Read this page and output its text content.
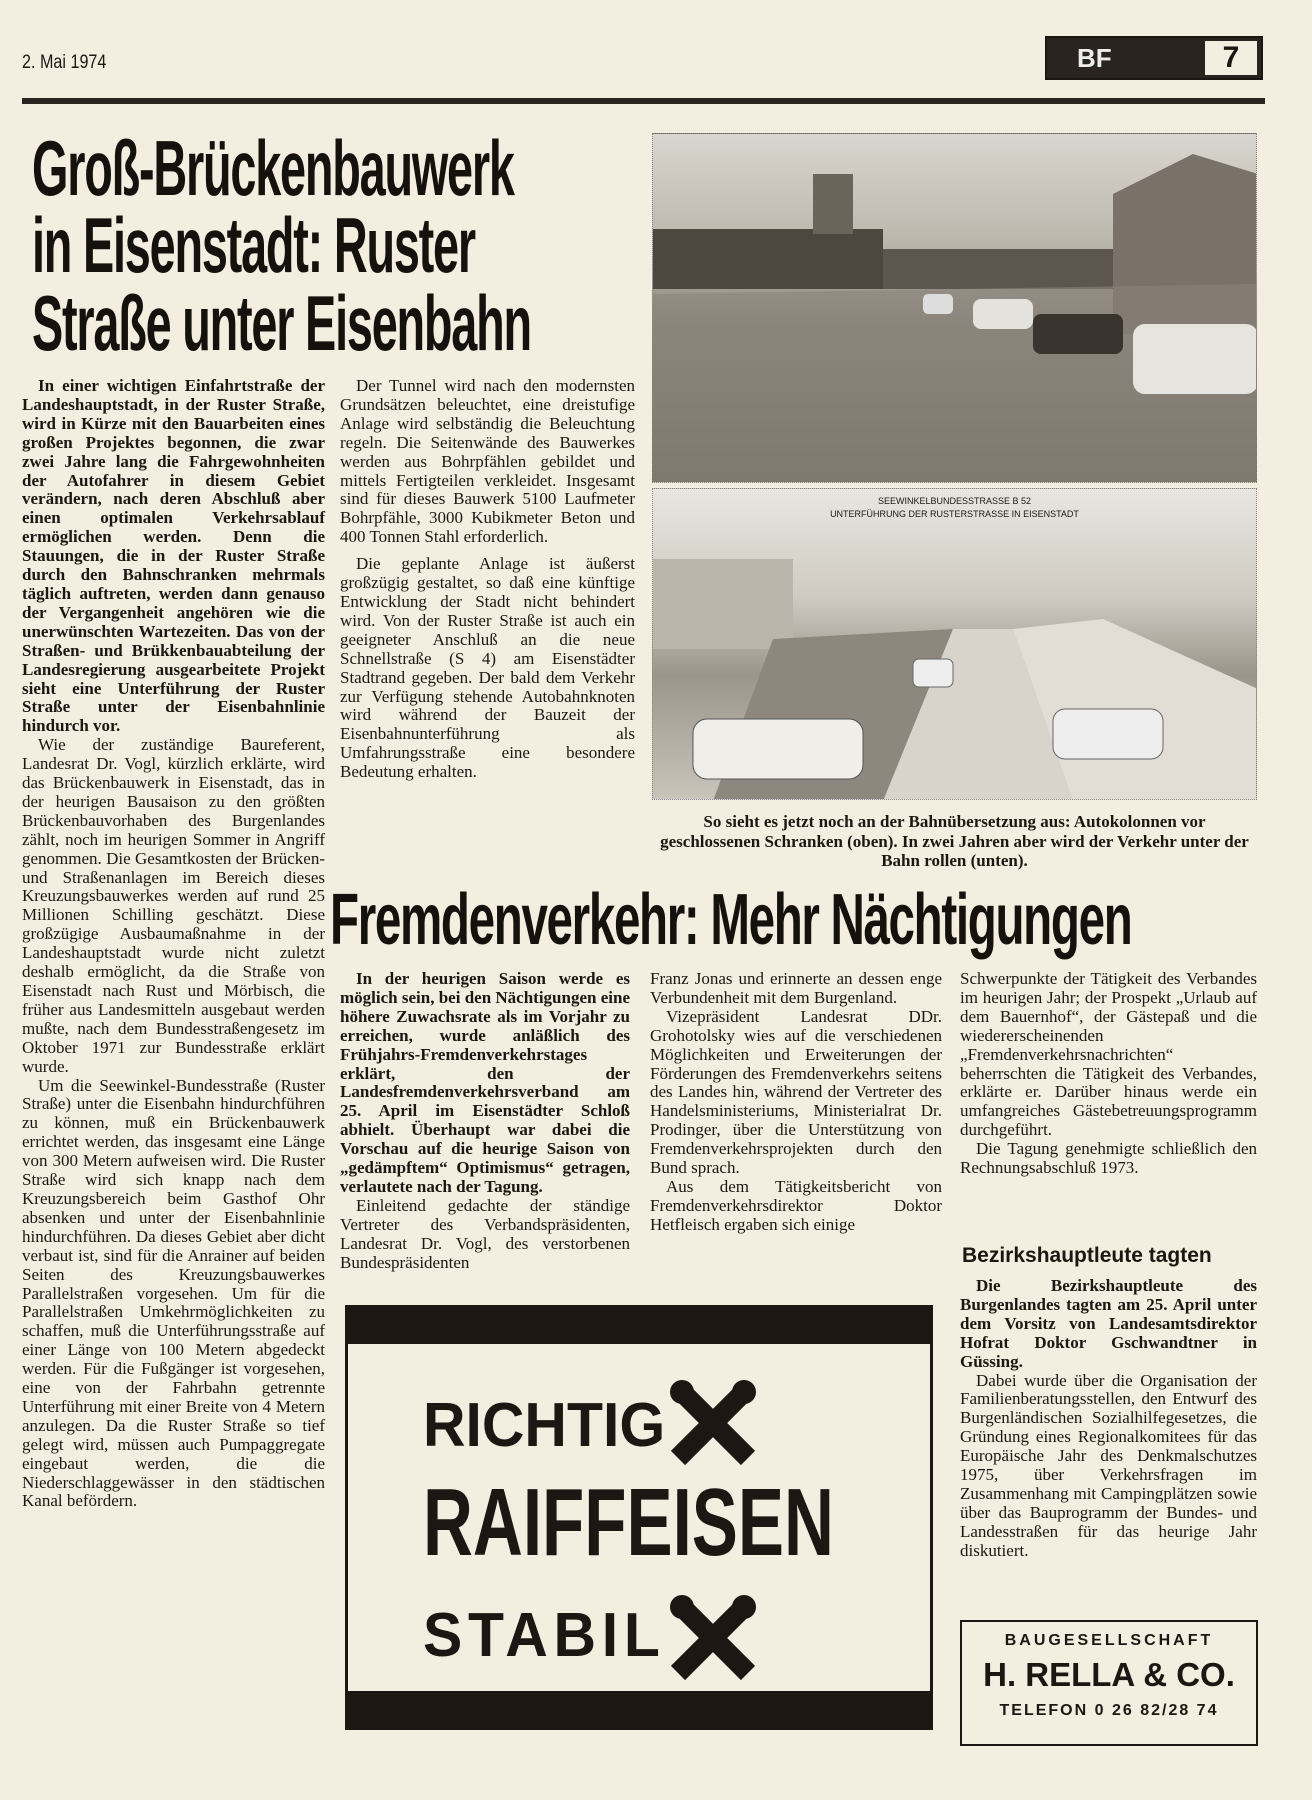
2. Mai 1974	BF	7
Groß-Brückenbauwerk
in Eisenstadt: Ruster
Straße unter Eisenbahn

In einer wichtigen Einfahrtstraße der Landeshauptstadt, in der Ruster Straße, wird in Kürze mit den Bauarbeiten eines großen Projektes begonnen, die zwar zwei Jahre lang die Fahrgewohnheiten der Autofahrer in diesem Gebiet verändern, nach deren Abschluß aber einen optimalen Verkehrsablauf ermöglichen werden. Denn die Stauungen, die in der Ruster Straße durch den Bahnschranken mehrmals täglich auftreten, werden dann genauso der Vergangenheit angehören wie die unerwünschten Wartezeiten. Das von der Straßen- und Brükkenbauabteilung der Landesregierung ausgearbeitete Projekt sieht eine Unterführung der Ruster Straße unter der Eisenbahnlinie hindurch vor.

Wie der zuständige Baureferent, Landesrat Dr. Vogl, kürzlich erklärte, wird das Brückenbauwerk in Eisenstadt, das in der heurigen Bausaison zu den größten Brückenbauvorhaben des Burgenlandes zählt, noch im heurigen Sommer in Angriff genommen. Die Gesamtkosten der Brücken- und Straßenanlagen im Bereich dieses Kreuzungsbauwerkes werden auf rund 25 Millionen Schilling geschätzt. Diese großzügige Ausbaumaßnahme in der Landeshauptstadt wurde nicht zuletzt deshalb ermöglicht, da die Straße von Eisenstadt nach Rust und Mörbisch, die früher aus Landesmitteln ausgebaut werden mußte, nach dem Bundesstraßengesetz im Oktober 1971 zur Bundesstraße erklärt wurde.

Um die Seewinkel-Bundesstraße (Ruster Straße) unter die Eisenbahn hindurchführen zu können, muß ein Brückenbauwerk errichtet werden, das insgesamt eine Länge von 300 Metern aufweisen wird. Die Ruster Straße wird sich knapp nach dem Kreuzungsbereich beim Gasthof Ohr absenken und unter der Eisenbahnlinie hindurchführen. Da dieses Gebiet aber dicht verbaut ist, sind für die Anrainer auf beiden Seiten des Kreuzungsbauwerkes Parallelstraßen vorgesehen. Um für die Parallelstraßen Umkehrmöglichkeiten zu schaffen, muß die Unterführungsstraße auf einer Länge von 100 Metern abgedeckt werden. Für die Fußgänger ist vorgesehen, eine von der Fahrbahn getrennte Unterführung mit einer Breite von 4 Metern anzulegen. Da die Ruster Straße so tief gelegt wird, müssen auch Pumpaggregate eingebaut werden, die die Niederschlaggewässer in den städtischen Kanal befördern.

Der Tunnel wird nach den modernsten Grundsätzen beleuchtet, eine dreistufige Anlage wird selbständig die Beleuchtung regeln. Die Seitenwände des Bauwerkes werden aus Bohrpfählen gebildet und mittels Fertigteilen verkleidet. Insgesamt sind für dieses Bauwerk 5100 Laufmeter Bohrpfähle, 3000 Kubikmeter Beton und 400 Tonnen Stahl erforderlich.

Die geplante Anlage ist äußerst großzügig gestaltet, so daß eine künftige Entwicklung der Stadt nicht behindert wird. Von der Ruster Straße ist auch ein geeigneter Anschluß an die neue Schnellstraße (S 4) am Eisenstädter Stadtrand gegeben. Der bald dem Verkehr zur Verfügung stehende Autobahnknoten wird während der Bauzeit der Eisenbahnunterführung als Umfahrungsstraße eine besondere Bedeutung erhalten.

SEEWINKELBUNDESSTRASSE B 52
UNTERFÜHRUNG DER RUSTERSTRASSE IN EISENSTADT
So sieht es jetzt noch an der Bahnübersetzung aus: Autokolonnen vor geschlossenen Schranken (oben). In zwei Jahren aber wird der Verkehr unter der Bahn rollen (unten).
Fremdenverkehr: Mehr Nächtigungen

In der heurigen Saison werde es möglich sein, bei den Nächtigungen eine höhere Zuwachsrate als im Vorjahr zu erreichen, wurde anläßlich des Frühjahrs-Fremdenverkehrstages erklärt, den der Landesfremdenverkehrsverband am 25. April im Eisenstädter Schloß abhielt. Überhaupt war dabei die Vorschau auf die heurige Saison von „gedämpftem“ Optimismus“ getragen, verlautete nach der Tagung.

Einleitend gedachte der ständige Vertreter des Verbandspräsidenten, Landesrat Dr. Vogl, des verstorbenen Bundespräsidenten

Franz Jonas und erinnerte an dessen enge Verbundenheit mit dem Burgenland.

Vizepräsident Landesrat DDr. Grohotolsky wies auf die verschiedenen Möglichkeiten und Erweiterungen der Förderungen des Fremdenverkehrs seitens des Landes hin, während der Vertreter des Handelsministeriums, Ministerialrat Dr. Prodinger, über die Unterstützung von Fremdenverkehrsprojekten durch den Bund sprach.

Aus dem Tätigkeitsbericht von Fremdenverkehrsdirektor Doktor Hetfleisch ergaben sich einige

Schwerpunkte der Tätigkeit des Verbandes im heurigen Jahr; der Prospekt „Urlaub auf dem Bauernhof“, der Gästepaß und die wiedererscheinenden „Fremdenverkehrsnachrichten“ beherrschten die Tätigkeit des Verbandes, erklärte er. Darüber hinaus werde ein umfangreiches Gästebetreuungsprogramm durchgeführt.

Die Tagung genehmigte schließlich den Rechnungsabschluß 1973.

Bezirkshauptleute tagten

Die Bezirkshauptleute des Burgenlandes tagten am 25. April unter dem Vorsitz von Landesamtsdirektor Hofrat Doktor Gschwandtner in Güssing.

Dabei wurde über die Organisation der Familienberatungsstellen, den Entwurf des Burgenländischen Sozialhilfegesetzes, die Gründung eines Regionalkomitees für das Europäische Jahr des Denkmalschutzes 1975, über Verkehrsfragen im Zusammenhang mit Campingplätzen sowie über das Bauprogramm der Bundes- und Landesstraßen für das heurige Jahr diskutiert.

RICHTIG
RAIFFEISEN
STABIL	BAUGESELLSCHAFT
H. RELLA & CO.
TELEFON 0 26 82/28 74
